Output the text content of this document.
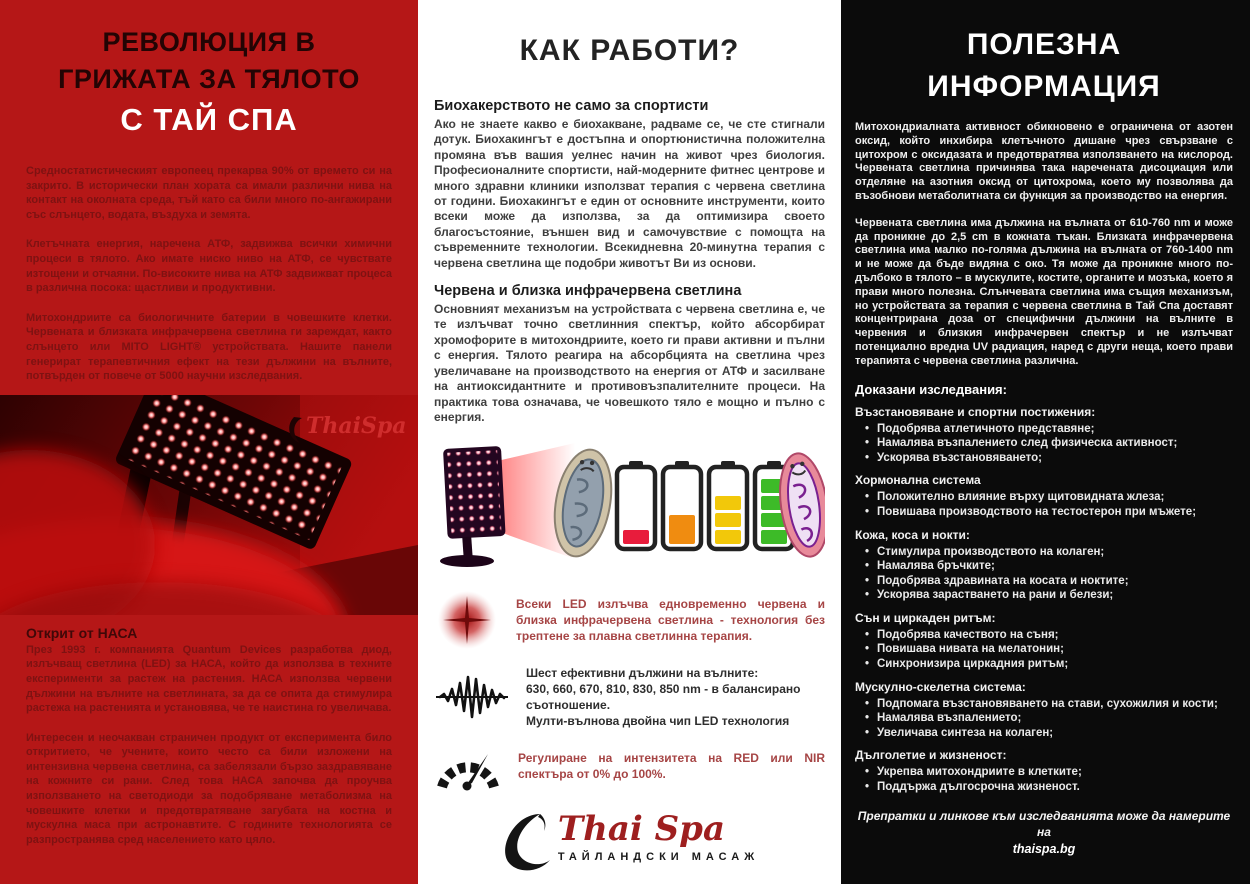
РЕВОЛЮЦИЯ В
ГРИЖАТА ЗА ТЯЛОТО
С ТАЙ СПА

Средностатистическият европеец прекарва 90% от времето си на закрито. В исторически план хората са имали различни нива на контакт на околната среда, тъй като са били много по-ангажирани със слънцето, водата, въздуха и земята.

Клетъчната енергия, наречена АТФ, задвижва всички химични процеси в тялото. Ако имате ниско ниво на АТФ, се чувствате изтощени и отчаяни. По-високите нива на АТФ задвижват процеса в различна посока: щастливи и продуктивни.

Митохондриите са биологичните батерии в човешките клетки. Червената и близката инфрачервена светлина ги зареждат, както слънцето или MITO LIGHT® устройствата. Нашите панели генерират терапевтичния ефект на тези дължини на вълните, потвърден от повече от 5000 научни изследвания.

ThaiSpa
Открит от НАСА

През 1993 г. компанията Quantum Devices разработва диод, излъчващ светлина (LED) за НАСА, който да използва в техните експерименти за растеж на растения. НАСА използва червени дължини на вълните на светлината, за да се опита да стимулира растежа на растенията и установява, че те наистина го увеличава.

Интересен и неочакван страничен продукт от експеримента било откритието, че учените, които често са били изложени на интензивна червена светлина, са забелязали бързо заздравяване на кожните си рани. След това НАСА започва да проучва използването на светодиоди за подобряване метаболизма на човешките клетки и предотвратяване загубата на костна и мускулна маса при астронавтите. С годините технологията се разпространява сред населението като цяло.

КАК РАБОТИ?
Биохакерството не само за спортисти

Ако не знаете какво е биохакване, радваме се, че сте стигнали дотук. Биохакингът е достъпна и опортюнистична положителна промяна във вашия уелнес начин на живот чрез биология. Професионалните спортисти, най-модерните фитнес центрове и много здравни клиники използват терапия с червена светлина от години. Биохакингът е един от основните инструменти, които всеки може да използва, за да оптимизира своето благосъстояние, външен вид и самочувствие с помощта на съвременните технологии. Всекидневна 20-минутна терапия с червена светлина ще подобри животът Ви из основи.

Червена и близка инфрачервена светлина

Основният механизъм на устройствата с червена светлина е, че те излъчват точно светлинния спектър, който абсорбират хромофорите в митохондриите, което ги прави активни и пълни с енергия. Тялото реагира на абсорбцията на светлина чрез увеличаване на производството на енергия от АТФ и засилване на антиоксидантните и противовъзпалителните процеси. На практика това означава, че човешкото тяло е мощно и пълно с енергия.

Всеки LED излъчва едновременно червена и близка инфрачервена светлина - технология без трептене за плавна светлинна терапия.

Шест ефективни дължини на вълните:
630, 660, 670, 810, 830, 850 nm - в балансирано съотношение.
Мулти-вълнова двойна чип LED технология

Регулиране на интензитета на RED или NIR спектъра от 0% до 100%.

Thai Spa
ТАЙЛАНДСКИ МАСАЖ
ПОЛЕЗНА
ИНФОРМАЦИЯ

Митохондриалната активност обикновено е ограничена от азотен оксид, който инхибира клетъчното дишане чрез свързване с цитохром с оксидазата и предотвратява използването на кислород. Червената светлина причинява така наречената дисоциация или отделяне на азотния оксид от цитохрома, което му позволява да възобнови метаболитната си функция за производство на енергия.

Червената светлина има дължина на вълната от 610-760 nm и може да проникне до 2,5 cm в кожната тъкан. Близката инфрачервена светлина има малко по-голяма дължина на вълната от 760-1400 nm и не може да бъде видяна с око. Тя може да проникне много по-дълбоко в тялото – в мускулите, костите, органите и мозъка, което я прави много полезна. Слънчевата светлина има същия механизъм, но устройствата за терапия с червена светлина в Тай Спа доставят концентрирана доза от специфични дължини на вълните в червения и близкия инфрачервен спектър и не излъчват потенциално вредна UV радиация, наред с други неща, което прави терапията с червена светлина различна.

Доказани изследвания:

Възстановяване и спортни постижения:

• Подобрява атлетичното представяне;
• Намалява възпалението след физическа активност;
• Ускорява възстановяването;

Хормонална система

• Положително влияние върху щитовидната жлеза;
• Повишава производството на тестостерон при мъжете;

Кожа, коса и нокти:

• Стимулира производството на колаген;
• Намалява бръчките;
• Подобрява здравината на косата и ноктите;
• Ускорява зарастването на рани и белези;

Сън и циркаден ритъм:

• Подобрява качеството на съня;
• Повишава нивата на мелатонин;
• Синхронизира циркадния ритъм;

Мускулно-скелетна система:

• Подпомага възстановяването на стави, сухожилия и кости;
• Намалява възпалението;
• Увеличава синтеза на колаген;

Дълголетие и жизненост:

• Укрепва митохондриите в клетките;
• Поддържа дългосрочна жизненост.
Препратки и линкове към изследванията може да намерите на
thaispa.bg
